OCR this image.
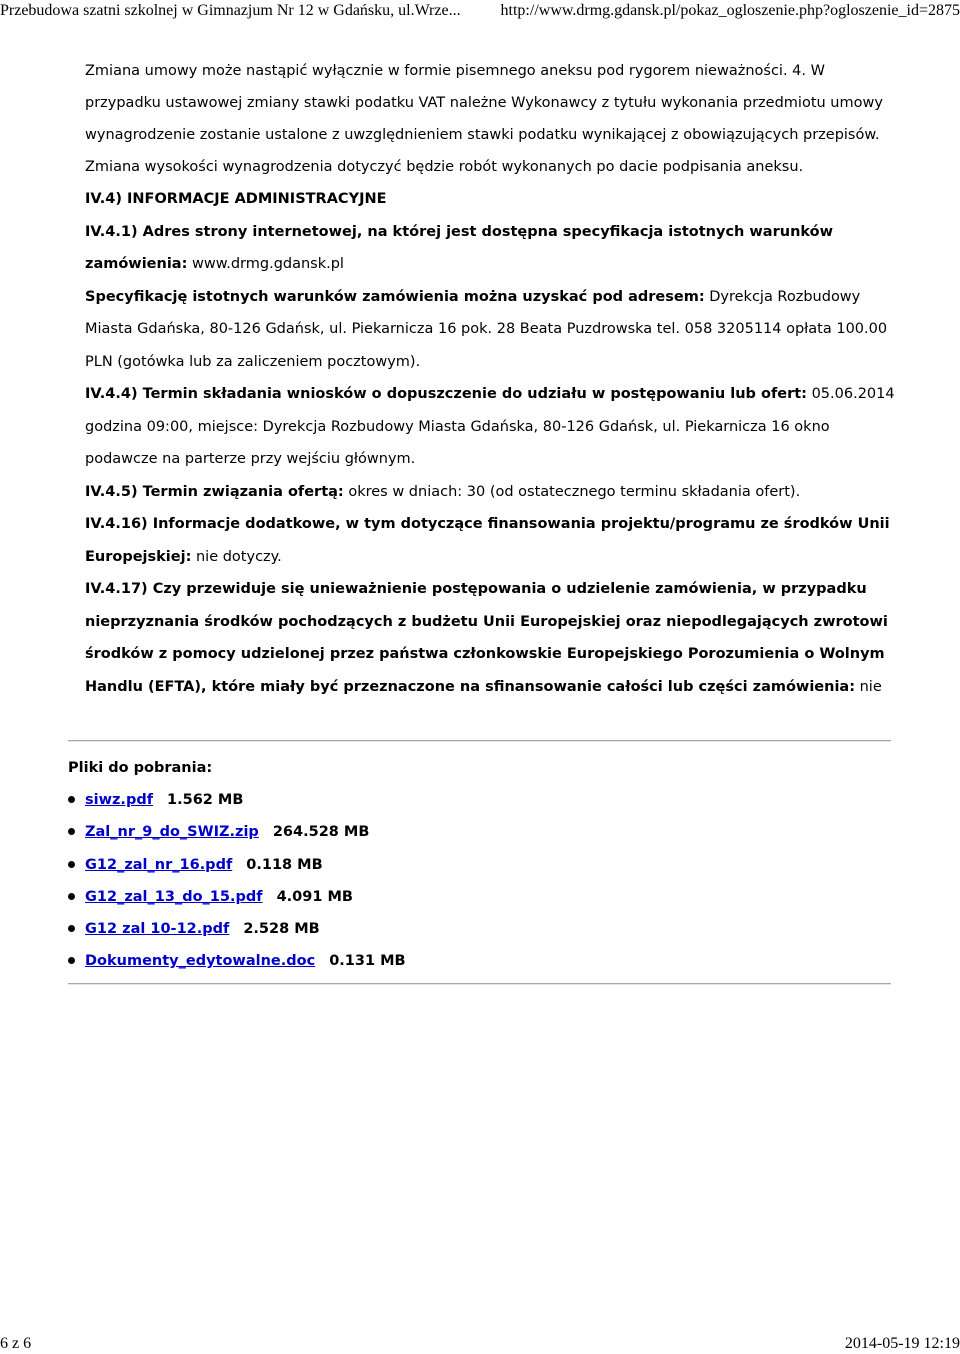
Przebudowa szatni szkolnej w Gimnazjum Nr 12 w Gdańsku, ul.Wrze... http://www.drmg.gdansk.pl/pokaz_ogloszenie.php?ogloszenie_id=2875

Zmiana umowy może nastąpić wyłącznie w formie pisemnego aneksu pod rygorem nieważności. 4. W przypadku ustawowej zmiany stawki podatku VAT należne Wykonawcy z tytułu wykonania przedmiotu umowy wynagrodzenie zostanie ustalone z uwzględnieniem stawki podatku wynikającej z obowiązujących przepisów. Zmiana wysokości wynagrodzenia dotyczyć będzie robót wykonanych po dacie podpisania aneksu.

IV.4) INFORMACJE ADMINISTRACYJNE

IV.4.1) Adres strony internetowej, na której jest dostępna specyfikacja istotnych warunków zamówienia: www.drmg.gdansk.pl

Specyfikację istotnych warunków zamówienia można uzyskać pod adresem: Dyrekcja Rozbudowy Miasta Gdańska, 80-126 Gdańsk, ul. Piekarnicza 16 pok. 28 Beata Puzdrowska tel. 058 3205114 opłata 100.00 PLN (gotówka lub za zaliczeniem pocztowym).

IV.4.4) Termin składania wniosków o dopuszczenie do udziału w postępowaniu lub ofert: 05.06.2014 godzina 09:00, miejsce: Dyrekcja Rozbudowy Miasta Gdańska, 80-126 Gdańsk, ul. Piekarnicza 16 okno podawcze na parterze przy wejściu głównym.

IV.4.5) Termin związania ofertą: okres w dniach: 30 (od ostatecznego terminu składania ofert).

IV.4.16) Informacje dodatkowe, w tym dotyczące finansowania projektu/programu ze środków Unii Europejskiej: nie dotyczy.

IV.4.17) Czy przewiduje się unieważnienie postępowania o udzielenie zamówienia, w przypadku nieprzyznania środków pochodzących z budżetu Unii Europejskiej oraz niepodlegających zwrotowi środków z pomocy udzielonej przez państwa członkowskie Europejskiego Porozumienia o Wolnym Handlu (EFTA), które miały być przeznaczone na sfinansowanie całości lub części zamówienia: nie

Pliki do pobrania:

siwz.pdf 1.562 MB
Zal_nr_9_do_SWIZ.zip 264.528 MB
G12_zal_nr_16.pdf 0.118 MB
G12_zal_13_do_15.pdf 4.091 MB
G12 zal 10-12.pdf 2.528 MB
Dokumenty_edytowalne.doc 0.131 MB
6 z 6	2014-05-19 12:19
